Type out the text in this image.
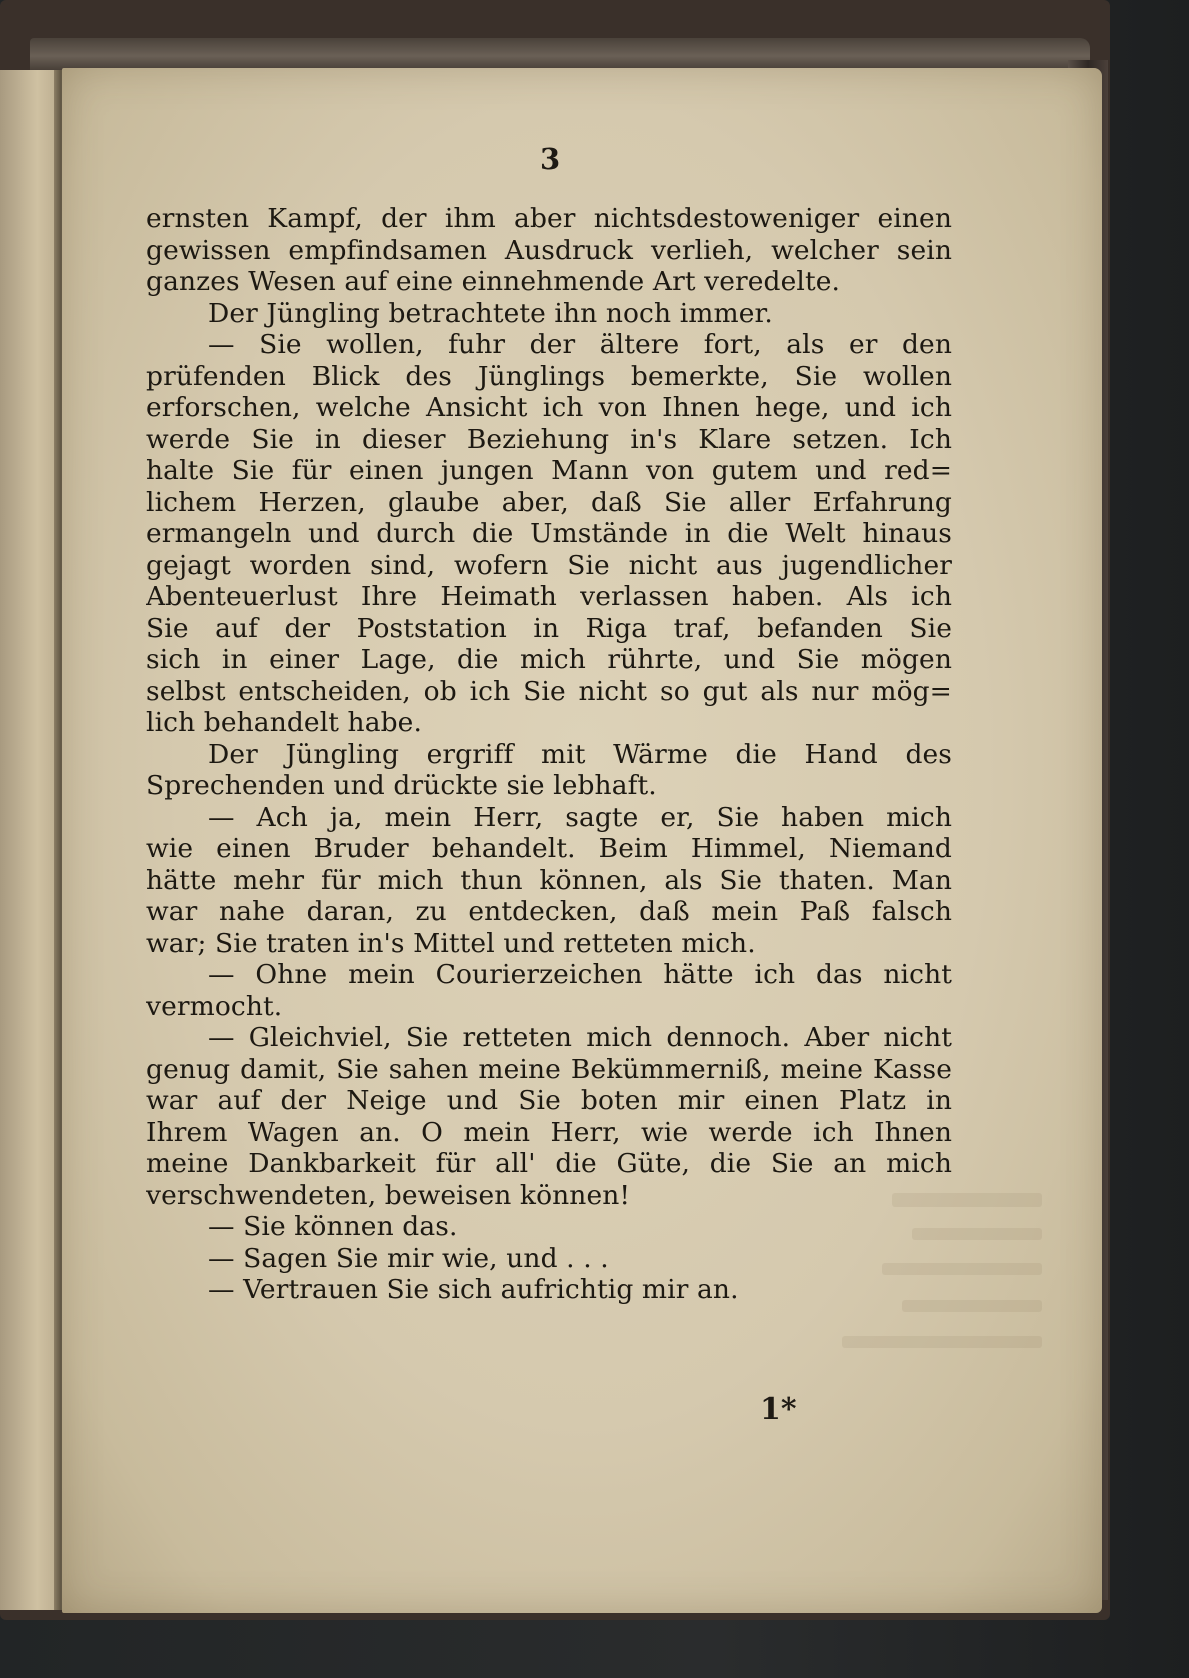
3
ernsten Kampf, der ihm aber nichtsdestoweniger einen
gewissen empfindsamen Ausdruck verlieh, welcher sein
ganzes Wesen auf eine einnehmende Art veredelte.
Der Jüngling betrachtete ihn noch immer.
— Sie wollen, fuhr der ältere fort, als er den
prüfenden Blick des Jünglings bemerkte, Sie wollen
erforschen, welche Ansicht ich von Ihnen hege, und ich
werde Sie in dieser Beziehung in's Klare setzen. Ich
halte Sie für einen jungen Mann von gutem und red=
lichem Herzen, glaube aber, daß Sie aller Erfahrung
ermangeln und durch die Umstände in die Welt hinaus
gejagt worden sind, wofern Sie nicht aus jugendlicher
Abenteuerlust Ihre Heimath verlassen haben. Als ich
Sie auf der Poststation in Riga traf, befanden Sie
sich in einer Lage, die mich rührte, und Sie mögen
selbst entscheiden, ob ich Sie nicht so gut als nur mög=
lich behandelt habe.
Der Jüngling ergriff mit Wärme die Hand des
Sprechenden und drückte sie lebhaft.
— Ach ja, mein Herr, sagte er, Sie haben mich
wie einen Bruder behandelt. Beim Himmel, Niemand
hätte mehr für mich thun können, als Sie thaten. Man
war nahe daran, zu entdecken, daß mein Paß falsch
war; Sie traten in's Mittel und retteten mich.
— Ohne mein Courierzeichen hätte ich das nicht
vermocht.
— Gleichviel, Sie retteten mich dennoch. Aber nicht
genug damit, Sie sahen meine Bekümmerniß, meine Kasse
war auf der Neige und Sie boten mir einen Platz in
Ihrem Wagen an. O mein Herr, wie werde ich Ihnen
meine Dankbarkeit für all' die Güte, die Sie an mich
verschwendeten, beweisen können!
— Sie können das.
— Sagen Sie mir wie, und . . .
— Vertrauen Sie sich aufrichtig mir an.
1*
